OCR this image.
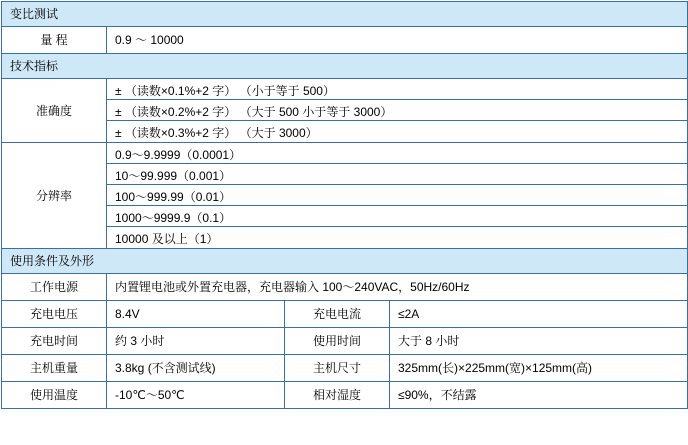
变比测试			

量 程	0.9 ～ 10000		

技术指标			

准确度	± （读数×0.1%+2 字） （小于等于 500）
± （读数×0.2%+2 字） （大于 500 小于等于 3000）
± （读数×0.3%+2 字） （大于 3000）		

分辨率	0.9～9.9999（0.0001）
10～99.999（0.001）
100～999.99（0.01）
1000～9999.9（0.1）
10000 及以上（1）		

使用条件及外形			

工作电源	内置锂电池或外置充电器，充电器输入 100～240VAC，50Hz/60Hz		

充电电压	8.4V	充电电流	≤2A

充电时间	约 3 小时	使用时间	大于 8 小时

主机重量	3.8kg (不含测试线)	主机尺寸	325mm(长)×225mm(宽)×125mm(高)

使用温度	-10℃～50℃	相对湿度	≤90%，不结露
